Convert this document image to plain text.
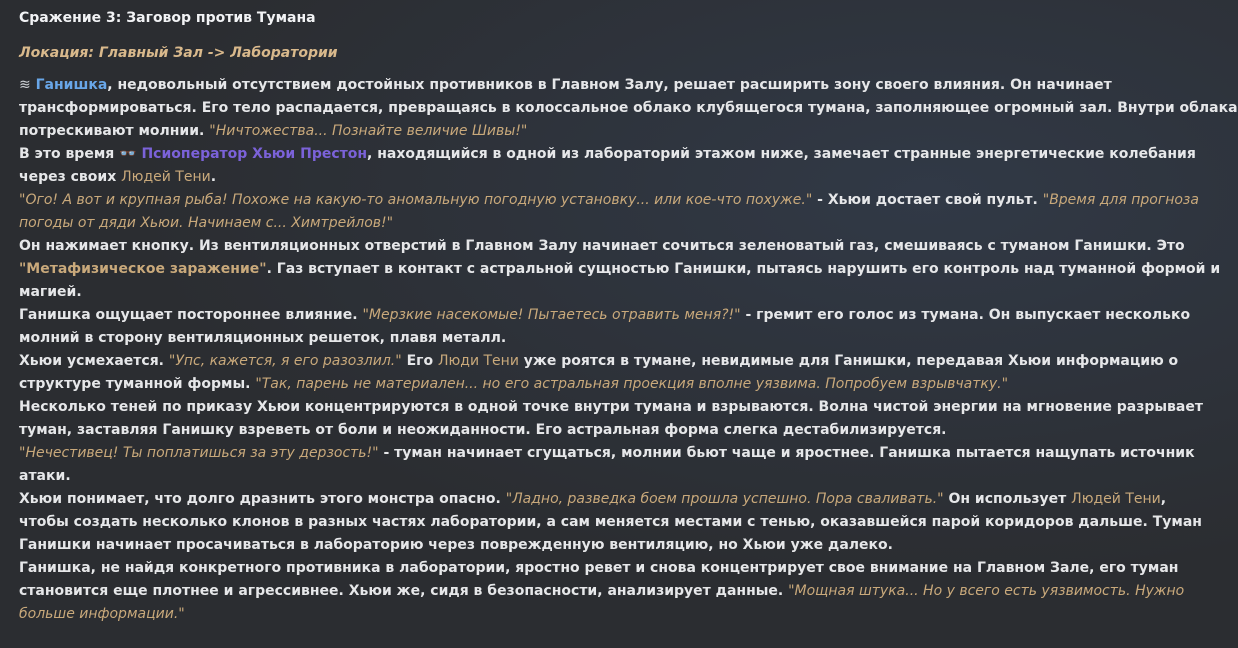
Сражение 3: Заговор против Тумана
Локация: Главный Зал -> Лаборатории

≋ Ганишка, недовольный отсутствием достойных противников в Главном Залу, решает расширить зону своего влияния. Он начинает

трансформироваться. Его тело распадается, превращаясь в колоссальное облако клубящегося тумана, заполняющее огромный зал. Внутри облака

потрескивают молнии. "Ничтожества... Познайте величие Шивы!"

В это время 👓 Псиоператор Хьюи Престон, находящийся в одной из лабораторий этажом ниже, замечает странные энергетические колебания

через своих Людей Тени.

"Ого! А вот и крупная рыба! Похоже на какую-то аномальную погодную установку... или кое-что похуже." - Хьюи достает свой пульт. "Время для прогноза

погоды от дяди Хьюи. Начинаем с... Химтрейлов!"

Он нажимает кнопку. Из вентиляционных отверстий в Главном Залу начинает сочиться зеленоватый газ, смешиваясь с туманом Ганишки. Это

"Метафизическое заражение". Газ вступает в контакт с астральной сущностью Ганишки, пытаясь нарушить его контроль над туманной формой и

магией.

Ганишка ощущает постороннее влияние. "Мерзкие насекомые! Пытаетесь отравить меня?!" - гремит его голос из тумана. Он выпускает несколько

молний в сторону вентиляционных решеток, плавя металл.

Хьюи усмехается. "Упс, кажется, я его разозлил." Его Люди Тени уже роятся в тумане, невидимые для Ганишки, передавая Хьюи информацию о

структуре туманной формы. "Так, парень не материален... но его астральная проекция вполне уязвима. Попробуем взрывчатку."

Несколько теней по приказу Хьюи концентрируются в одной точке внутри тумана и взрываются. Волна чистой энергии на мгновение разрывает

туман, заставляя Ганишку взреветь от боли и неожиданности. Его астральная форма слегка дестабилизируется.

"Нечестивец! Ты поплатишься за эту дерзость!" - туман начинает сгущаться, молнии бьют чаще и яростнее. Ганишка пытается нащупать источник

атаки.

Хьюи понимает, что долго дразнить этого монстра опасно. "Ладно, разведка боем прошла успешно. Пора сваливать." Он использует Людей Тени,

чтобы создать несколько клонов в разных частях лаборатории, а сам меняется местами с тенью, оказавшейся парой коридоров дальше. Туман

Ганишки начинает просачиваться в лабораторию через поврежденную вентиляцию, но Хьюи уже далеко.

Ганишка, не найдя конкретного противника в лаборатории, яростно ревет и снова концентрирует свое внимание на Главном Зале, его туман

становится еще плотнее и агрессивнее. Хьюи же, сидя в безопасности, анализирует данные. "Мощная штука... Но у всего есть уязвимость. Нужно

больше информации."
